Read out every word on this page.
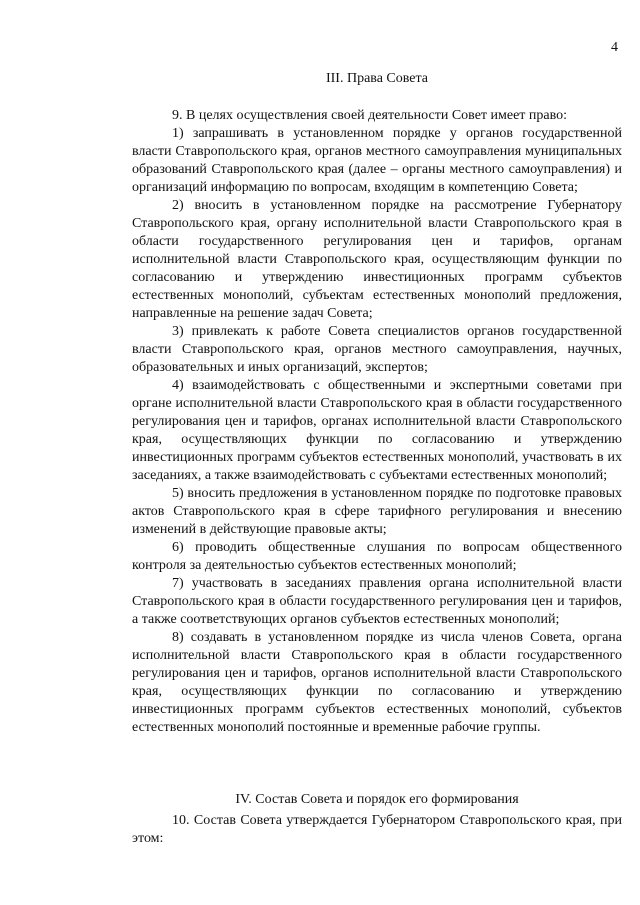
4
III. Права Совета

9. В целях осуществления своей деятельности Совет имеет право:

1) запрашивать в установленном порядке у органов государственной власти Ставропольского края, органов местного самоуправления муниципальных образований Ставропольского края (далее – органы местного самоуправления) и организаций информацию по вопросам, входящим в компетенцию Совета;

2) вносить в установленном порядке на рассмотрение Губернатору Ставропольского края, органу исполнительной власти Ставропольского края в области государственного регулирования цен и тарифов, органам исполнительной власти Ставропольского края, осуществляющим функции по согласованию и утверждению инвестиционных программ субъектов естественных монополий, субъектам естественных монополий предложения, направленные на решение задач Совета;

3) привлекать к работе Совета специалистов органов государственной власти Ставропольского края, органов местного самоуправления, научных, образовательных и иных организаций, экспертов;

4) взаимодействовать с общественными и экспертными советами при органе исполнительной власти Ставропольского края в области государственного регулирования цен и тарифов, органах исполнительной власти Ставропольского края, осуществляющих функции по согласованию и утверждению инвестиционных программ субъектов естественных монополий, участвовать в их заседаниях, а также взаимодействовать с субъектами естественных монополий;

5) вносить предложения в установленном порядке по подготовке правовых актов Ставропольского края в сфере тарифного регулирования и внесению изменений в действующие правовые акты;

6) проводить общественные слушания по вопросам общественного контроля за деятельностью субъектов естественных монополий;

7) участвовать в заседаниях правления органа исполнительной власти Ставропольского края в области государственного регулирования цен и тарифов, а также соответствующих органов субъектов естественных монополий;

8) создавать в установленном порядке из числа членов Совета, органа исполнительной власти Ставропольского края в области государственного регулирования цен и тарифов, органов исполнительной власти Ставропольского края, осуществляющих функции по согласованию и утверждению инвестиционных программ субъектов естественных монополий, субъектов естественных монополий постоянные и временные рабочие группы.

IV. Состав Совета и порядок его формирования

10. Состав Совета утверждается Губернатором Ставропольского края, при этом:
